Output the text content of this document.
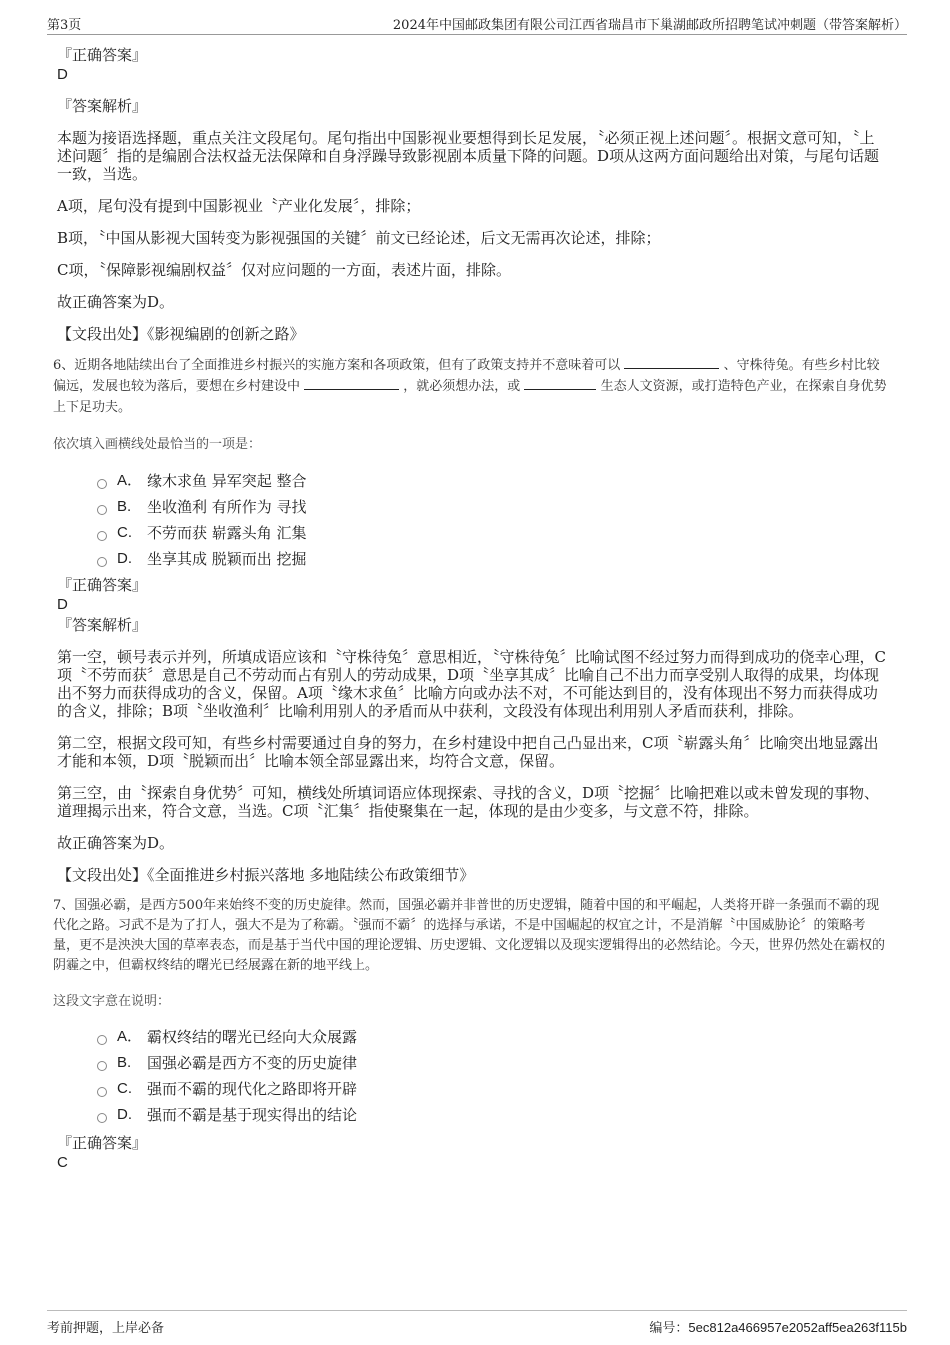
第3页	2024年中国邮政集团有限公司江西省瑞昌市下巢湖邮政所招聘笔试冲刺题（带答案解析）

『正确答案』

D

『答案解析』

本题为接语选择题，重点关注文段尾句。尾句指出中国影视业要想得到长足发展，〝必须正视上述问题〞。根据文意可知，〝上述问题〞指的是编剧合法权益无法保障和自身浮躁导致影视剧本质量下降的问题。D项从这两方面问题给出对策，与尾句话题一致，当选。

A项，尾句没有提到中国影视业〝产业化发展〞，排除；

B项，〝中国从影视大国转变为影视强国的关键〞前文已经论述，后文无需再次论述，排除；

C项，〝保障影视编剧权益〞仅对应问题的一方面，表述片面，排除。

故正确答案为D。

【文段出处】《影视编剧的创新之路》

6、近期各地陆续出台了全面推进乡村振兴的实施方案和各项政策，但有了政策支持并不意味着可以	、守株待兔。有些乡村比较偏远，发展也较为落后，要想在乡村建设中	，就必须想办法，或	生态人文资源，或打造特色产业，在探索自身优势上下足功夫。

依次填入画横线处最恰当的一项是：

A． 缘木求鱼 异军突起 整合
B.	坐收渔利 有所作为 寻找
C.	不劳而获 崭露头角 汇集
D.	坐享其成 脱颖而出 挖掘

『正确答案』

D

『答案解析』

第一空，顿号表示并列，所填成语应该和〝守株待兔〞意思相近，〝守株待兔〞比喻试图不经过努力而得到成功的侥幸心理，C项〝不劳而获〞意思是自己不劳动而占有别人的劳动成果，D项〝坐享其成〞比喻自己不出力而享受别人取得的成果，均体现出不努力而获得成功的含义，保留。A项〝缘木求鱼〞比喻方向或办法不对，不可能达到目的，没有体现出不努力而获得成功的含义，排除；B项〝坐收渔利〞比喻利用别人的矛盾而从中获利，文段没有体现出利用别人矛盾而获利，排除。

第二空，根据文段可知，有些乡村需要通过自身的努力，在乡村建设中把自己凸显出来，C项〝崭露头角〞比喻突出地显露出才能和本领，D项〝脱颖而出〞比喻本领全部显露出来，均符合文意，保留。

第三空，由〝探索自身优势〞可知，横线处所填词语应体现探索、寻找的含义，D项〝挖掘〞比喻把难以或未曾发现的事物、道理揭示出来，符合文意，当选。C项〝汇集〞指使聚集在一起，体现的是由少变多，与文意不符，排除。

故正确答案为D。

【文段出处】《全面推进乡村振兴落地 多地陆续公布政策细节》

7、国强必霸，是西方500年来始终不变的历史旋律。然而，国强必霸并非普世的历史逻辑，随着中国的和平崛起，人类将开辟一条强而不霸的现代化之路。习武不是为了打人，强大不是为了称霸。〝强而不霸〞的选择与承诺，不是中国崛起的权宜之计，不是消解〝中国威胁论〞的策略考量，更不是泱泱大国的草率表态，而是基于当代中国的理论逻辑、历史逻辑、文化逻辑以及现实逻辑得出的必然结论。今天，世界仍然处在霸权的阴霾之中，但霸权终结的曙光已经展露在新的地平线上。

这段文字意在说明：

A． 霸权终结的曙光已经向大众展露
B.	国强必霸是西方不变的历史旋律
C.	强而不霸的现代化之路即将开辟
D.	强而不霸是基于现实得出的结论

『正确答案』

C

考前押题，上岸必备	编号：5ec812a466957e2052aff5ea263f115b
